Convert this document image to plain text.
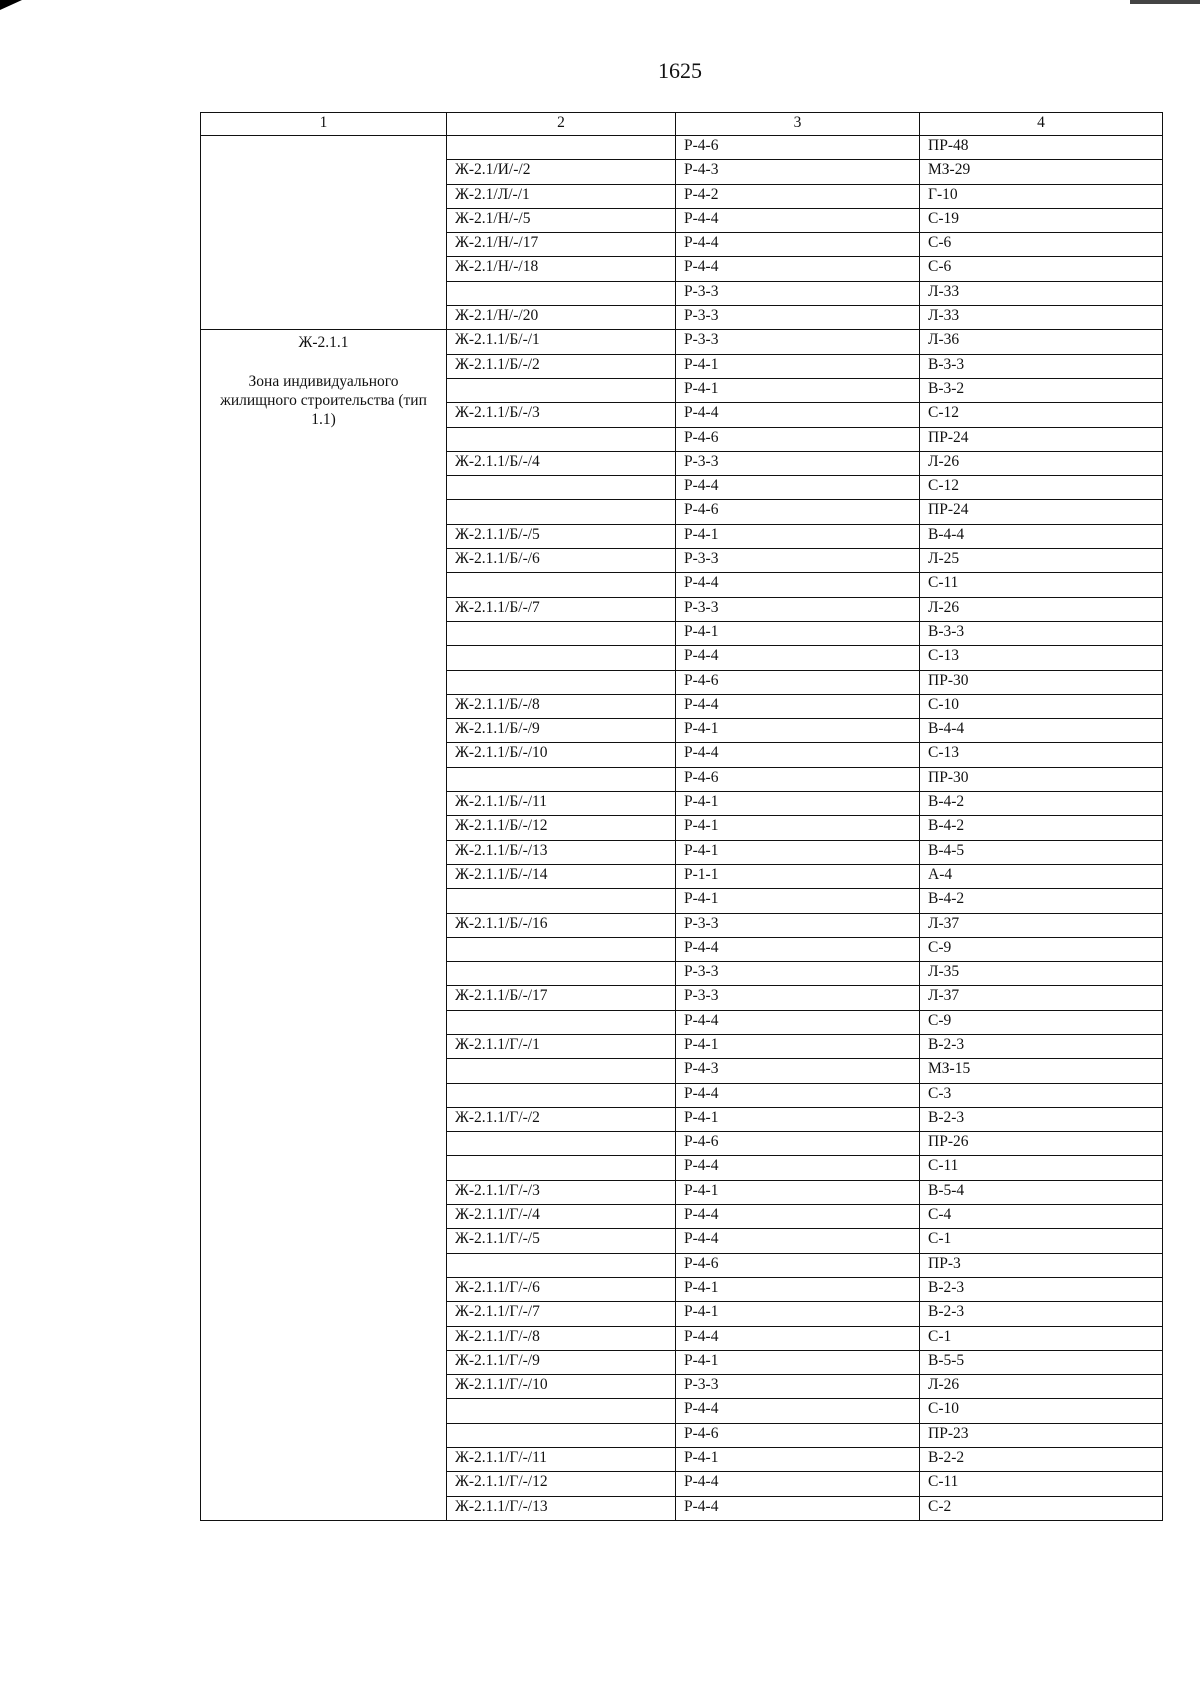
1625
1	2	3	4
		Р-4-6	ПР-48
	Ж-2.1/И/-/2	Р-4-3	МЗ-29
	Ж-2.1/Л/-/1	Р-4-2	Г-10
	Ж-2.1/Н/-/5	Р-4-4	С-19
	Ж-2.1/Н/-/17	Р-4-4	С-6
	Ж-2.1/Н/-/18	Р-4-4	С-6
		Р-3-3	Л-33
	Ж-2.1/Н/-/20	Р-3-3	Л-33

Ж-2.1.1
Зона индивидуального жилищного строительства (тип 1.1)	Ж-2.1.1/Б/-/1	Р-3-3	Л-36
	Ж-2.1.1/Б/-/2	Р-4-1	В-3-3
		Р-4-1	В-3-2
	Ж-2.1.1/Б/-/3	Р-4-4	С-12
		Р-4-6	ПР-24
	Ж-2.1.1/Б/-/4	Р-3-3	Л-26
		Р-4-4	С-12
		Р-4-6	ПР-24
	Ж-2.1.1/Б/-/5	Р-4-1	В-4-4
	Ж-2.1.1/Б/-/6	Р-3-3	Л-25
		Р-4-4	С-11
	Ж-2.1.1/Б/-/7	Р-3-3	Л-26
		Р-4-1	В-3-3
		Р-4-4	С-13
		Р-4-6	ПР-30
	Ж-2.1.1/Б/-/8	Р-4-4	С-10
	Ж-2.1.1/Б/-/9	Р-4-1	В-4-4
	Ж-2.1.1/Б/-/10	Р-4-4	С-13
		Р-4-6	ПР-30
	Ж-2.1.1/Б/-/11	Р-4-1	В-4-2
	Ж-2.1.1/Б/-/12	Р-4-1	В-4-2
	Ж-2.1.1/Б/-/13	Р-4-1	В-4-5
	Ж-2.1.1/Б/-/14	Р-1-1	А-4
		Р-4-1	В-4-2
	Ж-2.1.1/Б/-/16	Р-3-3	Л-37
		Р-4-4	С-9
		Р-3-3	Л-35
	Ж-2.1.1/Б/-/17	Р-3-3	Л-37
		Р-4-4	С-9
	Ж-2.1.1/Г/-/1	Р-4-1	В-2-3
		Р-4-3	МЗ-15
		Р-4-4	С-3
	Ж-2.1.1/Г/-/2	Р-4-1	В-2-3
		Р-4-6	ПР-26
		Р-4-4	С-11
	Ж-2.1.1/Г/-/3	Р-4-1	В-5-4
	Ж-2.1.1/Г/-/4	Р-4-4	С-4
	Ж-2.1.1/Г/-/5	Р-4-4	С-1
		Р-4-6	ПР-3
	Ж-2.1.1/Г/-/6	Р-4-1	В-2-3
	Ж-2.1.1/Г/-/7	Р-4-1	В-2-3
	Ж-2.1.1/Г/-/8	Р-4-4	С-1
	Ж-2.1.1/Г/-/9	Р-4-1	В-5-5
	Ж-2.1.1/Г/-/10	Р-3-3	Л-26
		Р-4-4	С-10
		Р-4-6	ПР-23
	Ж-2.1.1/Г/-/11	Р-4-1	В-2-2
	Ж-2.1.1/Г/-/12	Р-4-4	С-11
	Ж-2.1.1/Г/-/13	Р-4-4	С-2
